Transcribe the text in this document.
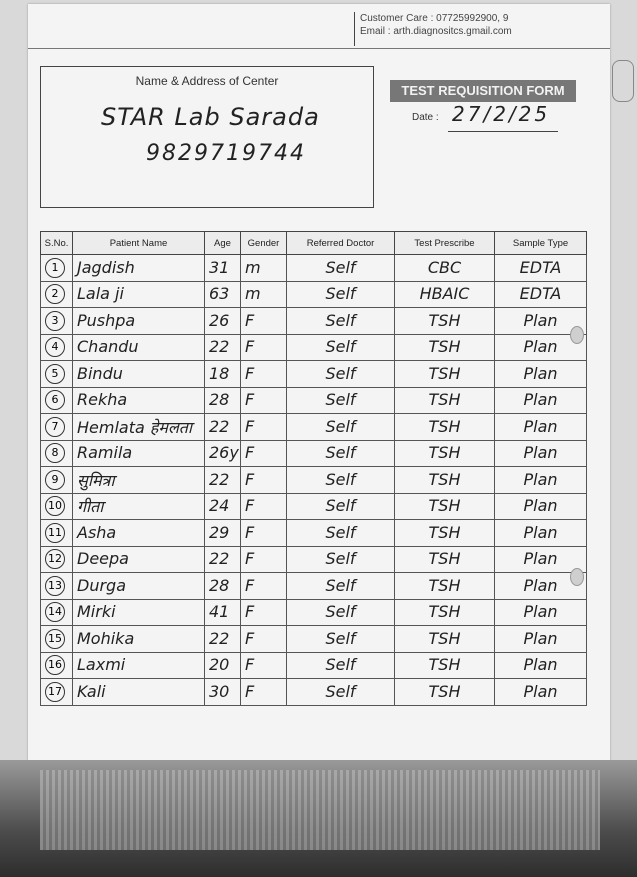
Customer Care : 07725992900, 9
Email : arth.diagnositcs.gmail.com
Name & Address of Center
STAR Lab Sarada
9829719744
TEST REQUISITION FORM
Date : 27/2/25
S.No.	Patient Name	Age	Gender	Referred Doctor	Test Prescribe	Sample Type
1	Jagdish	31	m	Self	CBC	EDTA
2	Lala ji	63	m	Self	HBAIC	EDTA
3	Pushpa	26	F	Self	TSH	Plan
4	Chandu	22	F	Self	TSH	Plan
5	Bindu	18	F	Self	TSH	Plan
6	Rekha	28	F	Self	TSH	Plan
7	Hemlata हेमलता	22	F	Self	TSH	Plan
8	Ramila	26y	F	Self	TSH	Plan
9	सुमित्रा	22	F	Self	TSH	Plan
10	गीता	24	F	Self	TSH	Plan
11	Asha	29	F	Self	TSH	Plan
12	Deepa	22	F	Self	TSH	Plan
13	Durga	28	F	Self	TSH	Plan
14	Mirki	41	F	Self	TSH	Plan
15	Mohika	22	F	Self	TSH	Plan
16	Laxmi	20	F	Self	TSH	Plan
17	Kali	30	F	Self	TSH	Plan
